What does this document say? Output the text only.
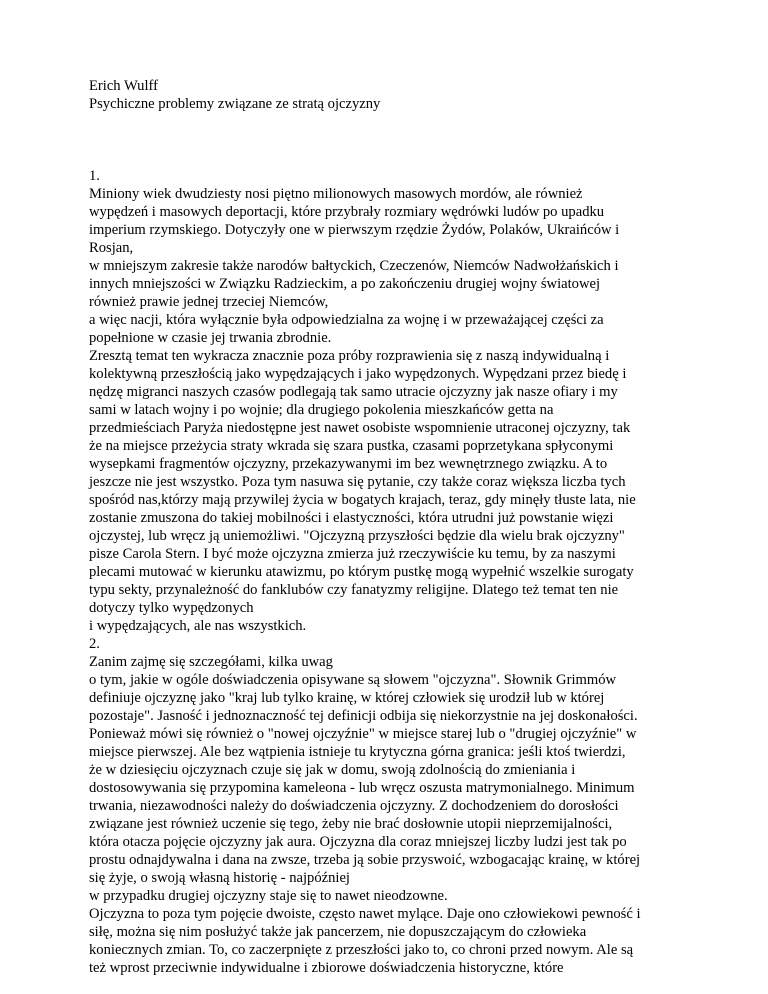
Erich Wulff
Psychiczne problemy związane ze stratą ojczyzny
1.
Miniony wiek dwudziesty nosi piętno milionowych masowych mordów, ale również
wypędzeń i masowych deportacji, które przybrały rozmiary wędrówki ludów po upadku
imperium rzymskiego. Dotyczyły one w pierwszym rzędzie Żydów, Polaków, Ukraińców i
Rosjan,
w mniejszym zakresie także narodów bałtyckich, Czeczenów, Niemców Nadwołżańskich i
innych mniejszości w Związku Radzieckim, a po zakończeniu drugiej wojny światowej
również prawie jednej trzeciej Niemców,
a więc nacji, która wyłącznie była odpowiedzialna za wojnę i w przeważającej części za
popełnione w czasie jej trwania zbrodnie.
Zresztą temat ten wykracza znacznie poza próby rozprawienia się z naszą indywidualną i
kolektywną przeszłością jako wypędzających i jako wypędzonych. Wypędzani przez biedę i
nędzę migranci naszych czasów podlegają tak samo utracie ojczyzny jak nasze ofiary i my
sami w latach wojny i po wojnie; dla drugiego pokolenia mieszkańców getta na
przedmieściach Paryża niedostępne jest nawet osobiste wspomnienie utraconej ojczyzny, tak
że na miejsce przeżycia straty wkrada się szara pustka, czasami poprzetykana spłyconymi
wysepkami fragmentów ojczyzny, przekazywanymi im bez wewnętrznego związku. A to
jeszcze nie jest wszystko. Poza tym nasuwa się pytanie, czy także coraz większa liczba tych
spośród nas,którzy mają przywilej życia w bogatych krajach, teraz, gdy minęły tłuste lata, nie
zostanie zmuszona do takiej mobilności i elastyczności, która utrudni już powstanie więzi
ojczystej, lub wręcz ją uniemożliwi. "Ojczyzną przyszłości będzie dla wielu brak ojczyzny"
pisze Carola Stern. I być może ojczyzna zmierza już rzeczywiście ku temu, by za naszymi
plecami mutować w kierunku atawizmu, po którym pustkę mogą wypełnić wszelkie surogaty
typu sekty, przynależność do fanklubów czy fanatyzmy religijne. Dlatego też temat ten nie
dotyczy tylko wypędzonych
i wypędzających, ale nas wszystkich.
2.
Zanim zajmę się szczegółami, kilka uwag
o tym, jakie w ogóle doświadczenia opisywane są słowem "ojczyzna". Słownik Grimmów
definiuje ojczyznę jako "kraj lub tylko krainę, w której człowiek się urodził lub w której
pozostaje". Jasność i jednoznaczność tej definicji odbija się niekorzystnie na jej doskonałości.
Ponieważ mówi się również o "nowej ojczyźnie" w miejsce starej lub o "drugiej ojczyźnie" w
miejsce pierwszej. Ale bez wątpienia istnieje tu krytyczna górna granica: jeśli ktoś twierdzi,
że w dziesięciu ojczyznach czuje się jak w domu, swoją zdolnością do zmieniania i
dostosowywania się przypomina kameleona - lub wręcz oszusta matrymonialnego. Minimum
trwania, niezawodności należy do doświadczenia ojczyzny. Z dochodzeniem do dorosłości
związane jest również uczenie się tego, żeby nie brać dosłownie utopii nieprzemijalności,
która otacza pojęcie ojczyzny jak aura. Ojczyzna dla coraz mniejszej liczby ludzi jest tak po
prostu odnajdywalna i dana na zwsze, trzeba ją sobie przyswoić, wzbogacając krainę, w której
się żyje, o swoją własną historię - najpóźniej
w przypadku drugiej ojczyzny staje się to nawet nieodzowne.
Ojczyzna to poza tym pojęcie dwoiste, często nawet mylące. Daje ono człowiekowi pewność i
siłę, można się nim posłużyć także jak pancerzem, nie dopuszczającym do człowieka
koniecznych zmian. To, co zaczerpnięte z przeszłości jako to, co chroni przed nowym. Ale są
też wprost przeciwnie indywidualne i zbiorowe doświadczenia historyczne, które
